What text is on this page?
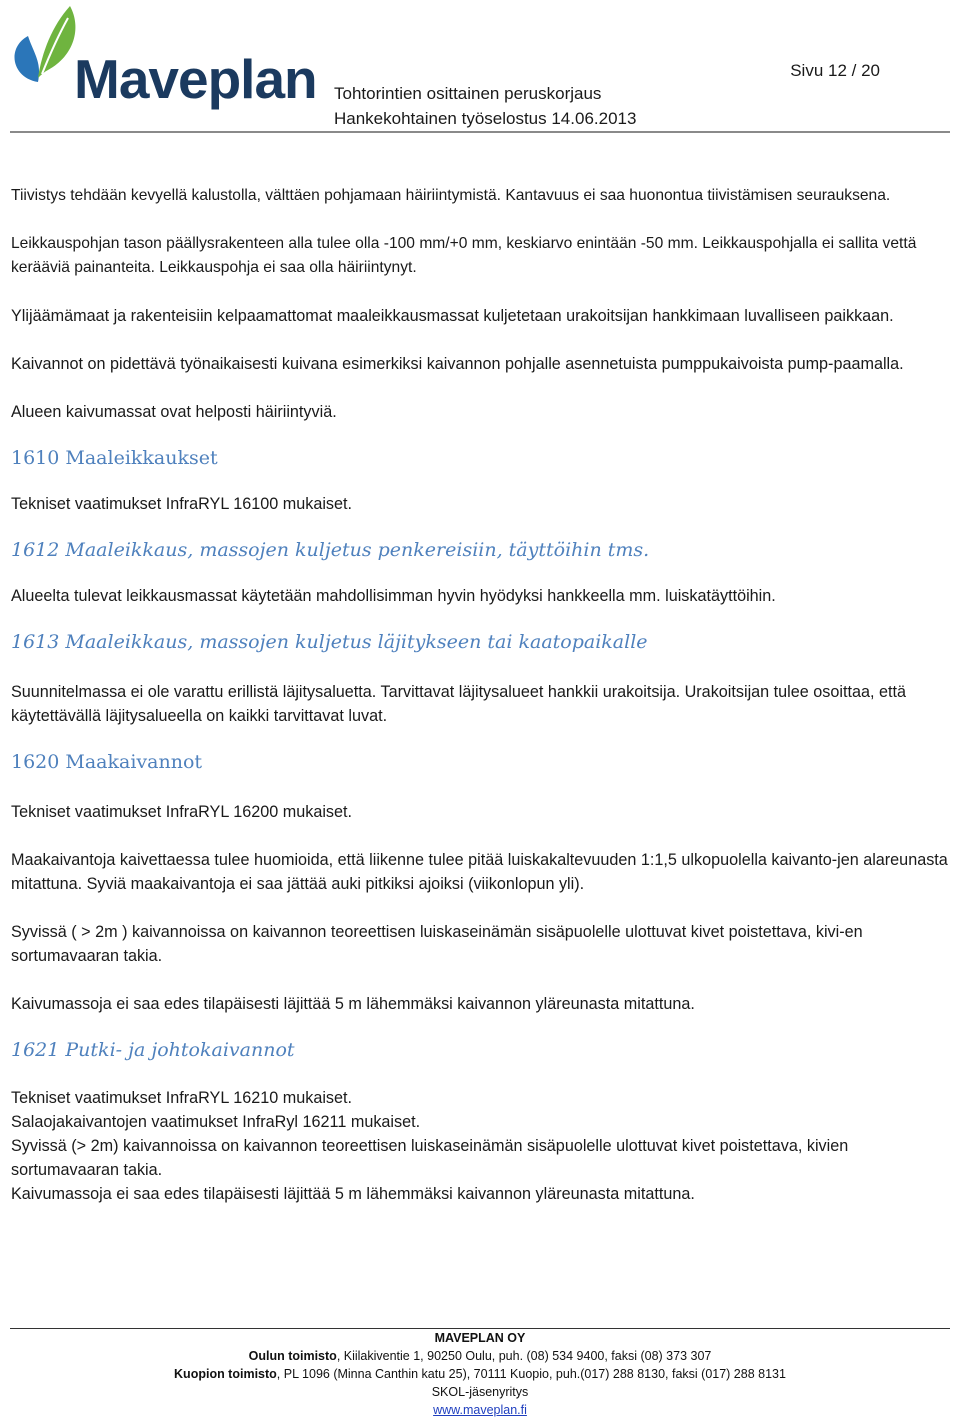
Maveplan Tohtorintien osittainen peruskorjaus
Hankekohtainen työselostus 14.06.2013
Sivu 12 / 20

Tiivistys tehdään kevyellä kalustolla, välttäen pohjamaan häiriintymistä. Kantavuus ei saa huonontua tiivistämisen seurauksena.

Leikkauspohjan tason päällysrakenteen alla tulee olla -100 mm/+0 mm, keskiarvo enintään -50 mm. Leikkauspohjalla ei sallita vettä kerääviä painanteita. Leikkauspohja ei saa olla häiriintynyt.

Ylijäämämaat ja rakenteisiin kelpaamattomat maaleikkausmassat kuljetetaan urakoitsijan hankkimaan luvalliseen paikkaan.

Kaivannot on pidettävä työnaikaisesti kuivana esimerkiksi kaivannon pohjalle asennetuista pumppukaivoista pump-paamalla.

Alueen kaivumassat ovat helposti häiriintyviä.

1610 Maaleikkaukset

Tekniset vaatimukset InfraRYL 16100 mukaiset.

1612 Maaleikkaus, massojen kuljetus penkereisiin, täyttöihin tms.

Alueelta tulevat leikkausmassat käytetään mahdollisimman hyvin hyödyksi hankkeella mm. luiskatäyttöihin.

1613 Maaleikkaus, massojen kuljetus läjitykseen tai kaatopaikalle

Suunnitelmassa ei ole varattu erillistä läjitysaluetta. Tarvittavat läjitysalueet hankkii urakoitsija. Urakoitsijan tulee osoittaa, että käytettävällä läjitysalueella on kaikki tarvittavat luvat.

1620 Maakaivannot

Tekniset vaatimukset InfraRYL 16200 mukaiset.

Maakaivantoja kaivettaessa tulee huomioida, että liikenne tulee pitää luiskakaltevuuden 1:1,5 ulkopuolella kaivanto-jen alareunasta mitattuna. Syviä maakaivantoja ei saa jättää auki pitkiksi ajoiksi (viikonlopun yli).

Syvissä ( > 2m ) kaivannoissa on kaivannon teoreettisen luiskaseinämän sisäpuolelle ulottuvat kivet poistettava, kivi-en sortumavaaran takia.

Kaivumassoja ei saa edes tilapäisesti läjittää 5 m lähemmäksi kaivannon yläreunasta mitattuna.

1621 Putki- ja johtokaivannot

Tekniset vaatimukset InfraRYL 16210 mukaiset.

Salaojakaivantojen vaatimukset InfraRyl 16211 mukaiset.

Syvissä (> 2m) kaivannoissa on kaivannon teoreettisen luiskaseinämän sisäpuolelle ulottuvat kivet poistettava, kivien sortumavaaran takia.

Kaivumassoja ei saa edes tilapäisesti läjittää 5 m lähemmäksi kaivannon yläreunasta mitattuna.

MAVEPLAN OY
Oulun toimisto, Kiilakiventie 1, 90250 Oulu, puh. (08) 534 9400, faksi (08) 373 307
Kuopion toimisto, PL 1096 (Minna Canthin katu 25), 70111 Kuopio, puh.(017) 288 8130, faksi (017) 288 8131
SKOL-jäsenyritys
www.maveplan.fi
